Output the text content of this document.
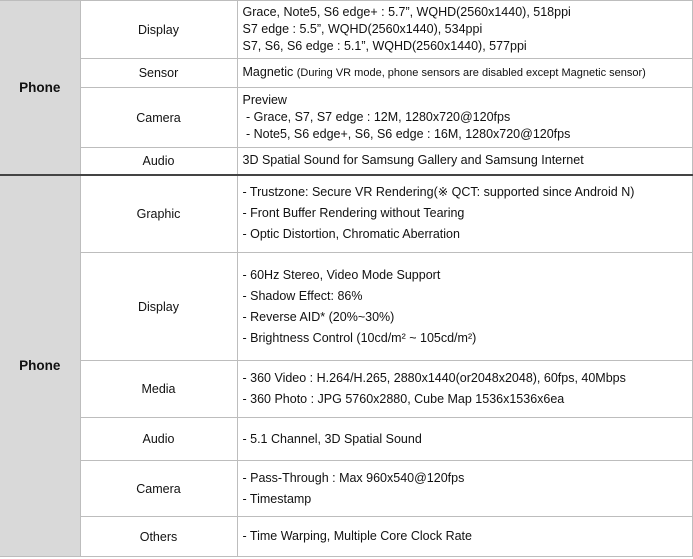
Phone	Display	Grace, Note5, S6 edge+ : 5.7”, WQHD(2560x1440), 518ppi
S7 edge : 5.5”, WQHD(2560x1440), 534ppi
S7, S6, S6 edge : 5.1”, WQHD(2560x1440), 577ppi

	Sensor	Magnetic (During VR mode, phone sensors are disabled except Magnetic sensor)
	Camera	Preview
- Grace, S7, S7 edge : 12M, 1280x720@120fps
- Note5, S6 edge+, S6, S6 edge : 16M, 1280x720@120fps

	Audio	3D Spatial Sound for Samsung Gallery and Samsung Internet

Phone	Graphic	- Trustzone: Secure VR Rendering(※ QCT: supported since Android N)
- Front Buffer Rendering without Tearing
- Optic Distortion, Chromatic Aberration

	Display	- 60Hz Stereo, Video Mode Support
- Shadow Effect: 86%
- Reverse AID* (20%~30%)
- Brightness Control (10cd/m² ~ 105cd/m²)

	Media	- 360 Video : H.264/H.265, 2880x1440(or2048x2048), 60fps, 40Mbps
- 360 Photo : JPG 5760x2880, Cube Map 1536x1536x6ea

	Audio	- 5.1 Channel, 3D Spatial Sound

	Camera	- Pass-Through : Max 960x540@120fps
- Timestamp

	Others	- Time Warping, Multiple Core Clock Rate
